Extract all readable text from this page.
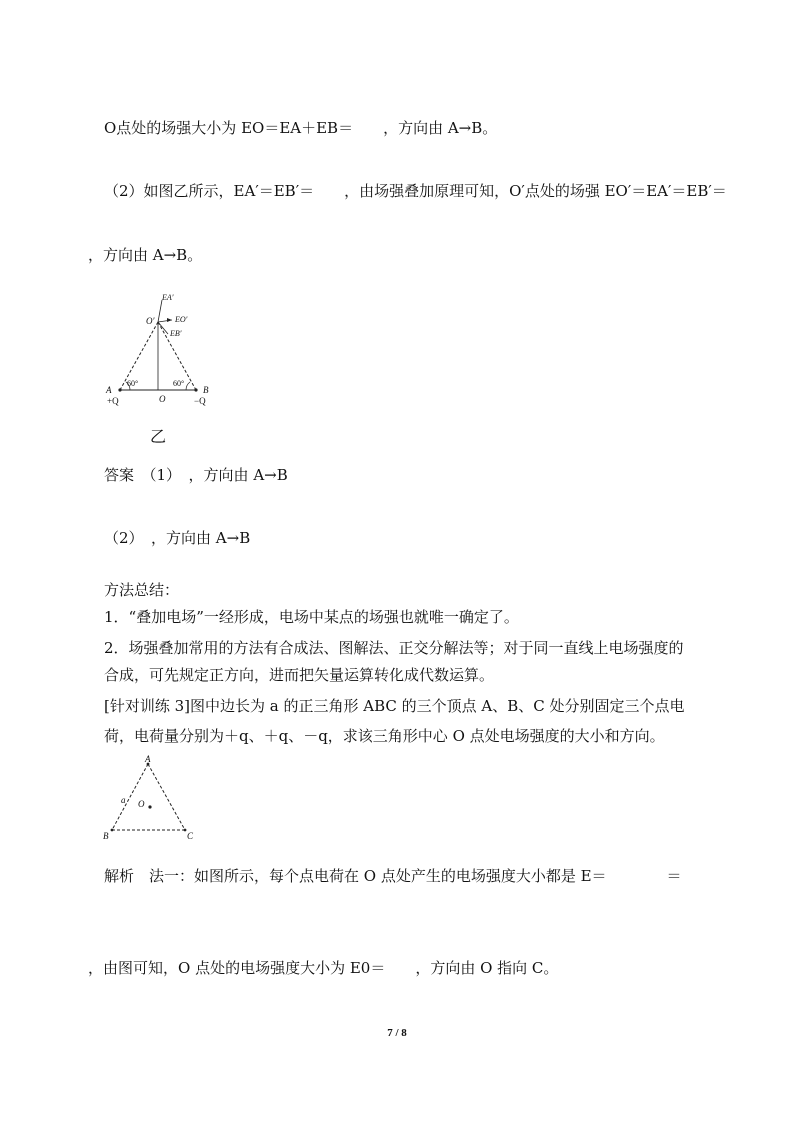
O点处的场强大小为 EO＝EA＋EB＝　　，方向由 A→B。
（2）如图乙所示，EA′＝EB′＝　　，由场强叠加原理可知，O′点处的场强 EO′＝EA′＝EB′＝
，方向由 A→B。
EA′
EO′
EB′
O′
A	B
O
60°	60°
+Q	−Q
乙
答案　（1）　，方向由 A→B
（2）　，方向由 A→B
方法总结：
1．“叠加电场”一经形成，电场中某点的场强也就唯一确定了。
2．场强叠加常用的方法有合成法、图解法、正交分解法等；对于同一直线上电场强度的
合成，可先规定正方向，进而把矢量运算转化成代数运算。
[针对训练 3]图中边长为 a 的正三角形 ABC 的三个顶点 A、B、C 处分别固定三个点电
荷，电荷量分别为＋q、＋q、－q，求该三角形中心 O 点处电场强度的大小和方向。
A
B	C
O
a
解析　法一：如图所示，每个点电荷在 O 点处产生的电场强度大小都是 E＝　　　　＝
，由图可知，O 点处的电场强度大小为 E0＝　　，方向由 O 指向 C。
7 / 8
